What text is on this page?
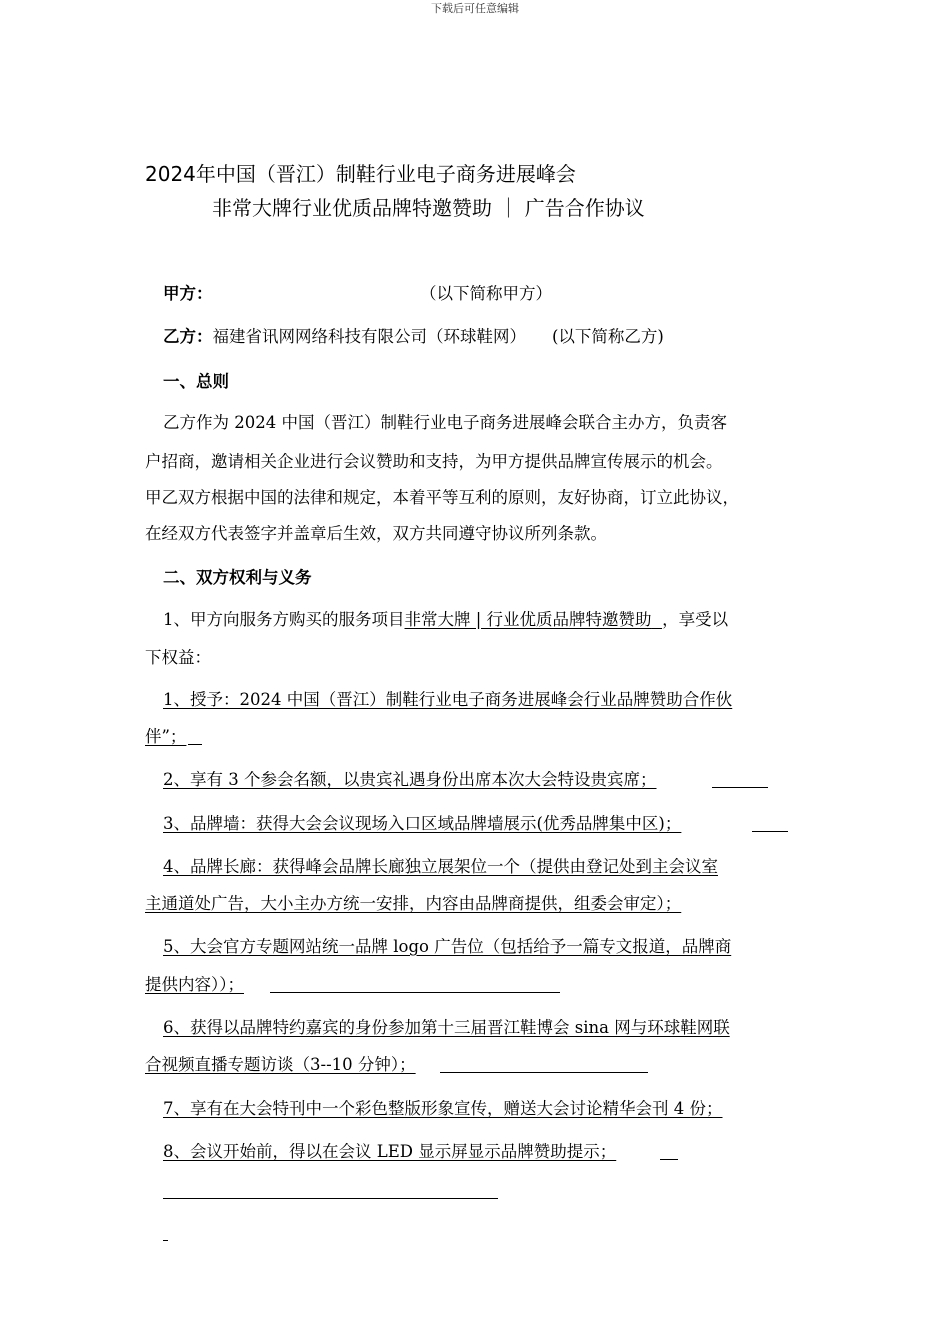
下载后可任意编辑
2024年中国（晋江）制鞋行业电子商务进展峰会
非常大牌行业优质品牌特邀赞助 ｜ 广告合作协议
甲方：	（以下简称甲方）
乙方：福建省讯网网络科技有限公司（环球鞋网） (以下简称乙方)
一、总则
乙方作为 2024 中国（晋江）制鞋行业电子商务进展峰会联合主办方，负责客
户招商，邀请相关企业进行会议赞助和支持，为甲方提供品牌宣传展示的机会。
甲乙双方根据中国的法律和规定，本着平等互利的原则，友好协商，订立此协议，
在经双方代表签字并盖章后生效，双方共同遵守协议所列条款。
二、双方权利与义务
1、甲方向服务方购买的服务项目非常大牌 | 行业优质品牌特邀赞助 ，享受以
下权益：
1、授予：2024 中国（晋江）制鞋行业电子商务进展峰会行业品牌赞助合作伙
伴”；
2、享有 3 个参会名额，以贵宾礼遇身份出席本次大会特设贵宾席；
3、品牌墙：获得大会会议现场入口区域品牌墙展示(优秀品牌集中区)；
4、品牌长廊：获得峰会品牌长廊独立展架位一个（提供由登记处到主会议室
主通道处广告，大小主办方统一安排，内容由品牌商提供，组委会审定）；
5、大会官方专题网站统一品牌 logo 广告位（包括给予一篇专文报道，品牌商
提供内容））；
6、获得以品牌特约嘉宾的身份参加第十三届晋江鞋博会 sina 网与环球鞋网联
合视频直播专题访谈（3--10 分钟）；
7、享有在大会特刊中一个彩色整版形象宣传，赠送大会讨论精华会刊 4 份；
8、会议开始前，得以在会议 LED 显示屏显示品牌赞助提示；
